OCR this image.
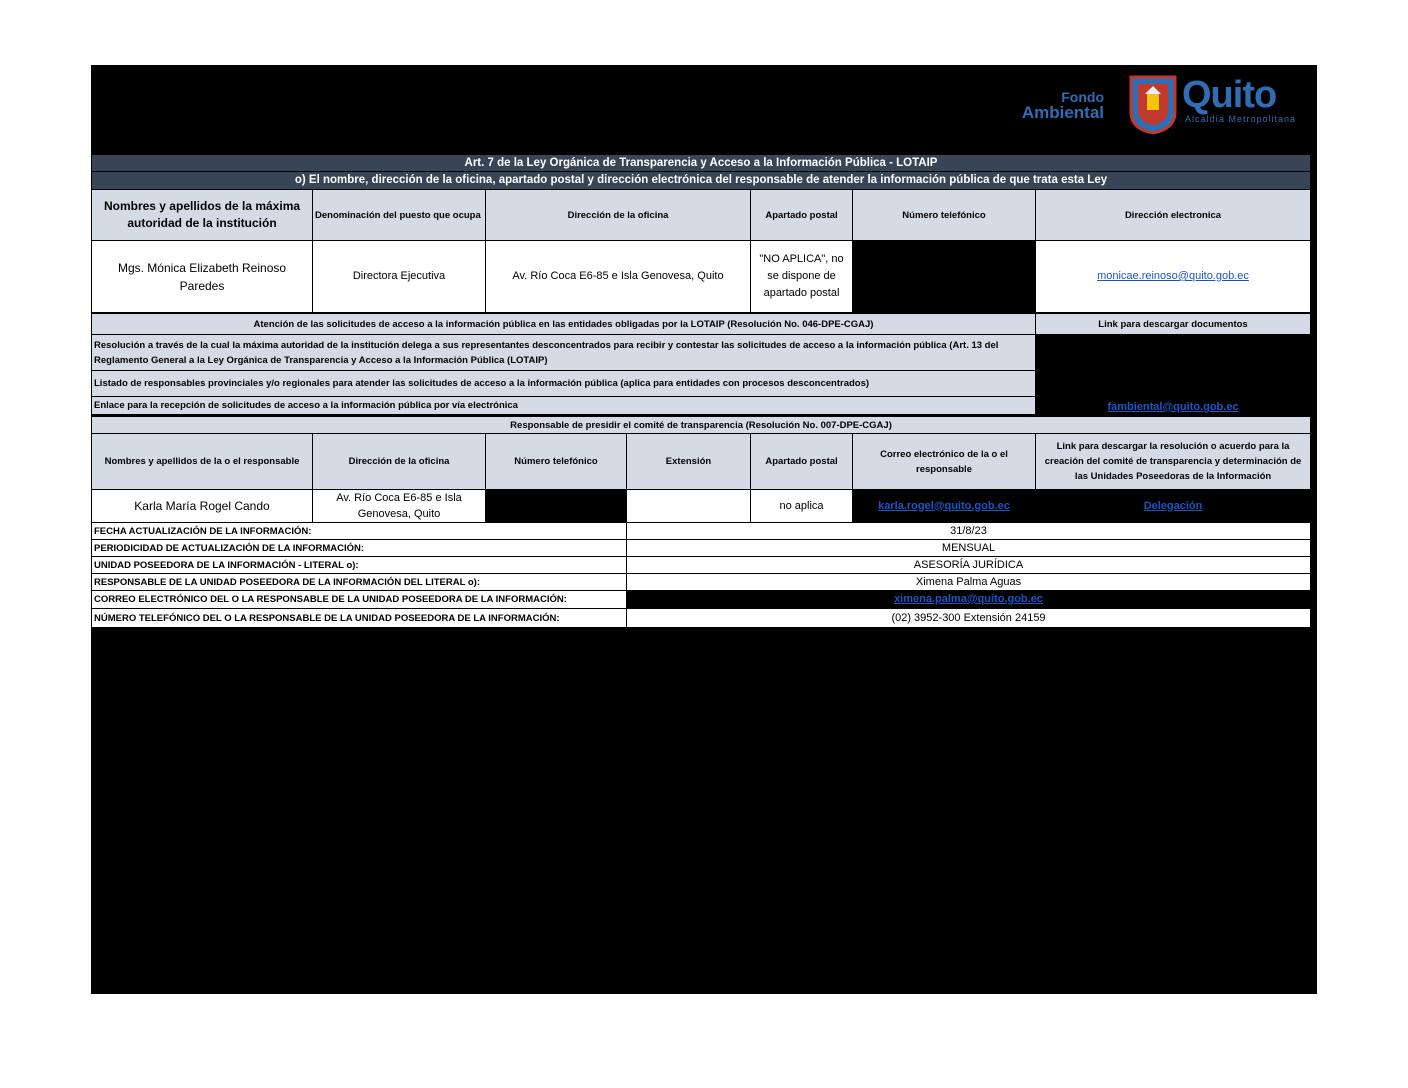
Fondo
Ambiental Quito
Alcaldía Metropolitana
Art. 7 de la Ley Orgánica de Transparencia y Acceso a la Información Pública - LOTAIP					
o) El nombre, dirección de la oficina, apartado postal y dirección electrónica del responsable de atender la información pública de que trata esta Ley					
Nombres y apellidos de la máxima autoridad de la institución	Denominación del puesto que ocupa	Dirección de la oficina	Apartado postal	Número telefónico	Dirección electronica
Mgs. Mónica Elizabeth Reinoso Paredes	Directora Ejecutiva	Av. Río Coca E6-85 e Isla Genovesa, Quito	"NO APLICA", no se dispone de apartado postal		monicae.reinoso@quito.gob.ec
Atención de las solicitudes de acceso a la información pública en las entidades obligadas por la LOTAIP (Resolución No. 046-DPE-CGAJ)	Link para descargar documentos
Resolución a través de la cual la máxima autoridad de la institución delega a sus representantes desconcentrados para recibir y contestar las solicitudes de acceso a la información pública (Art. 13 del Reglamento General a la Ley Orgánica de Transparencia y Acceso a la Información Pública (LOTAIP)	
Listado de responsables provinciales y/o regionales para atender las solicitudes de acceso a la información pública (aplica para entidades con procesos desconcentrados)	
Enlace para la recepción de solicitudes de acceso a la información pública por vía electrónica	fambiental@quito.gob.ec
Responsable de presidir el comité de transparencia (Resolución No. 007-DPE-CGAJ)						
Nombres y apellidos de la o el responsable	Dirección de la oficina	Número telefónico	Extensión	Apartado postal	Correo electrónico de la o el responsable	Link para descargar la resolución o acuerdo para la creación del comité de transparencia y determinación de las Unidades Poseedoras de la Información
Karla María Rogel Cando	Av. Río Coca E6-85 e Isla Genovesa, Quito			no aplica	karla.rogel@quito.gob.ec	Delegación
FECHA ACTUALIZACIÓN DE LA INFORMACIÓN:	31/8/23
PERIODICIDAD DE ACTUALIZACIÓN DE LA INFORMACIÓN:	MENSUAL
UNIDAD POSEEDORA DE LA INFORMACIÓN - LITERAL o):	ASESORÍA JURÍDICA
RESPONSABLE DE LA UNIDAD POSEEDORA DE LA INFORMACIÓN DEL LITERAL o):	Ximena Palma Aguas
CORREO ELECTRÓNICO DEL O LA RESPONSABLE DE LA UNIDAD POSEEDORA DE LA INFORMACIÓN:	ximena.palma@quito.gob.ec
NÚMERO TELEFÓNICO DEL O LA RESPONSABLE DE LA UNIDAD POSEEDORA DE LA INFORMACIÓN:	(02) 3952-300 Extensión 24159
